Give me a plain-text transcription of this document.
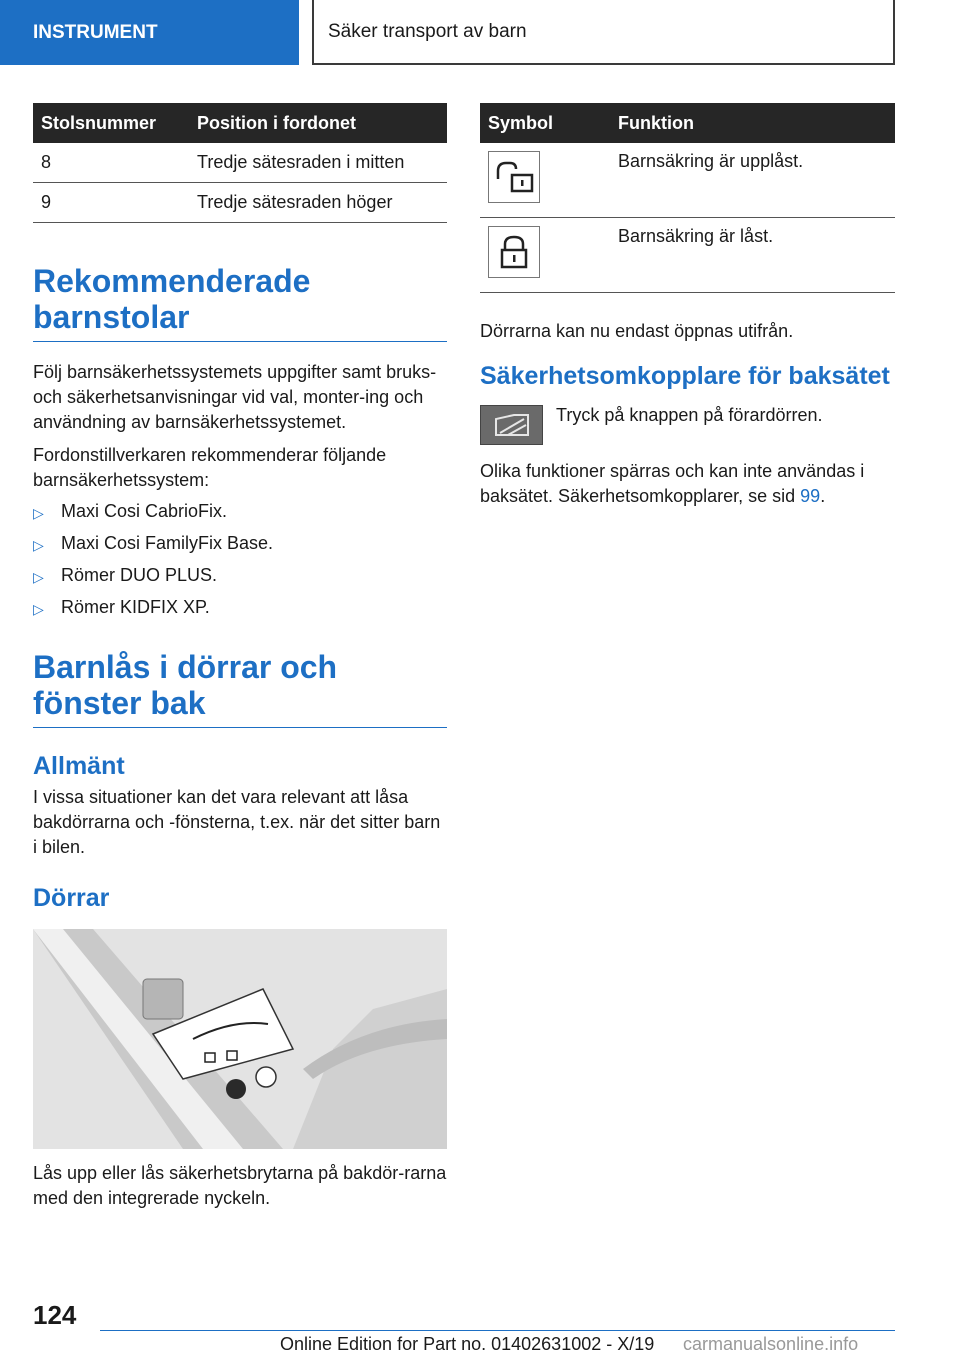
INSTRUMENT	Säker transport av barn
Stolsnummer	Position i fordonet
8	Tredje sätesraden i mitten
9	Tredje sätesraden höger
Rekommenderade barnstolar

Följ barnsäkerhetssystemets uppgifter samt bruks- och säkerhetsanvisningar vid val, monter-ing och användning av barnsäkerhetssystemet.

Fordonstillverkaren rekommenderar följande barnsäkerhetssystem:

▷ Maxi Cosi CabrioFix.
▷ Maxi Cosi FamilyFix Base.
▷ Römer DUO PLUS.
▷ Römer KIDFIX XP.
Barnlås i dörrar och fönster bak
Allmänt

I vissa situationer kan det vara relevant att låsa bakdörrarna och -fönsterna, t.ex. när det sitter barn i bilen.

Dörrar

Lås upp eller lås säkerhetsbrytarna på bakdör-rarna med den integrerade nyckeln.

Symbol	Funktion

	Barnsäkring är upplåst.

	Barnsäkring är låst.

Dörrarna kan nu endast öppnas utifrån.

Säkerhetsomkopplare för baksätet

Tryck på knappen på förardörren.

Olika funktioner spärras och kan inte användas i baksätet. Säkerhetsomkopplarer, se sid 99.

124
Online Edition for Part no. 01402631002 - X/19 carmanualsonline.info
